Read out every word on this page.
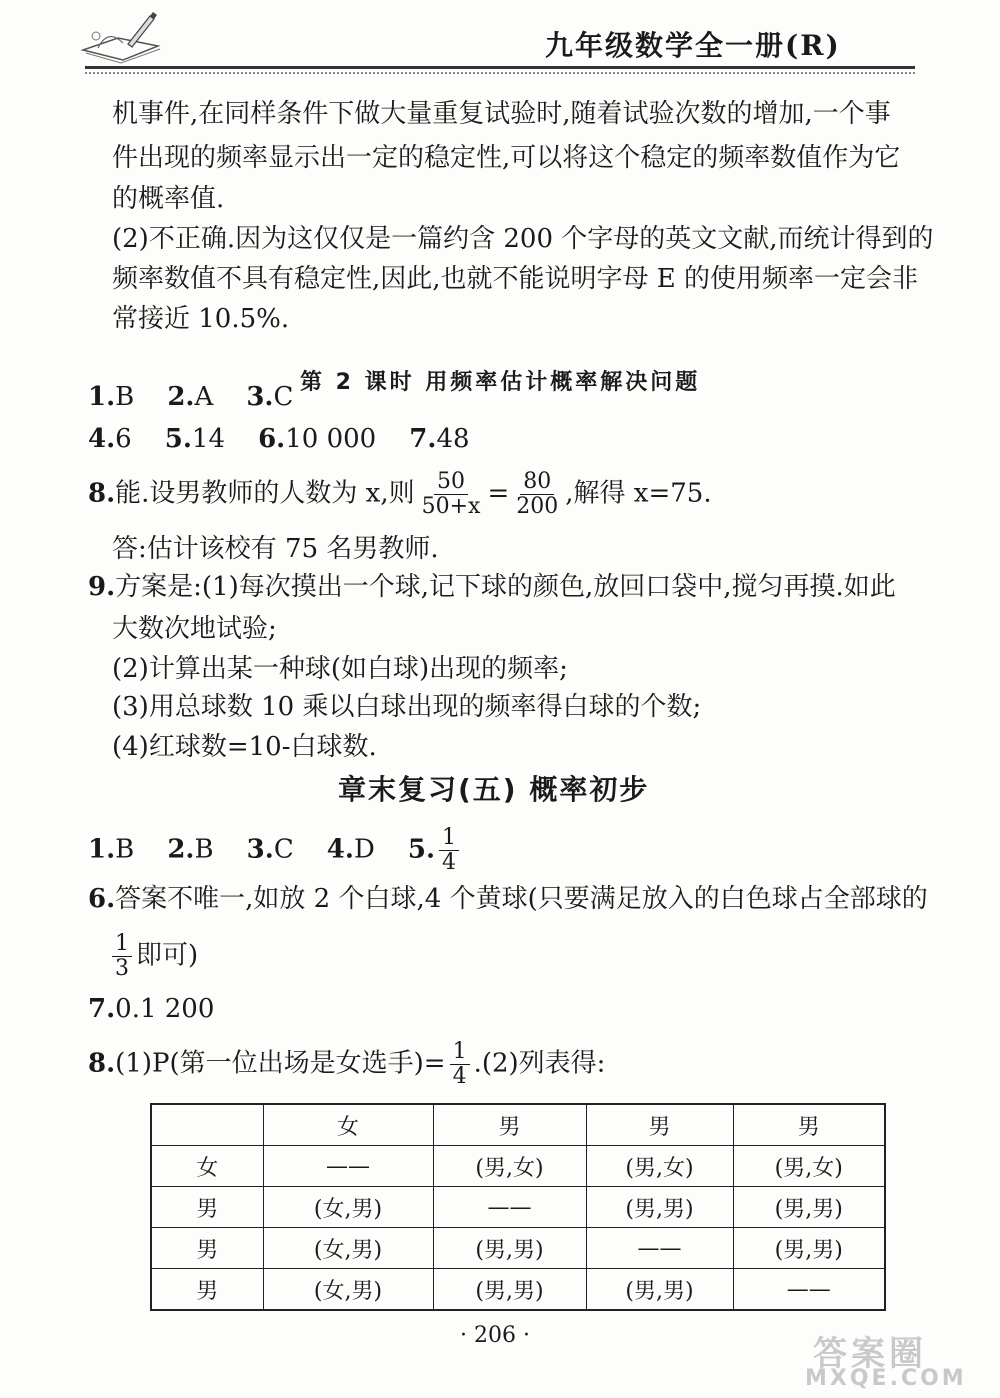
九年级数学全一册(R)
机事件,在同样条件下做大量重复试验时,随着试验次数的增加,一个事
件出现的频率显示出一定的稳定性,可以将这个稳定的频率数值作为它
的概率值.
(2)不正确.因为这仅仅是一篇约含 200 个字母的英文文献,而统计得到的
频率数值不具有稳定性,因此,也就不能说明字母 E 的使用频率一定会非
常接近 10.5%.
第 2 课时 用频率估计概率解决问题
1.B 2.A 3.C
4.6 5.14 6.10 000 7.48
8.能.设男教师的人数为 x,则 $\frac{50}{50+x} = \frac{80}{200}$ ,解得 x=75.
答:估计该校有 75 名男教师.
9.方案是:(1)每次摸出一个球,记下球的颜色,放回口袋中,搅匀再摸.如此
大数次地试验;
(2)计算出某一种球(如白球)出现的频率;
(3)用总球数 10 乘以白球出现的频率得白球的个数;
(4)红球数=10-白球数.
章末复习(五) 概率初步
1.B 2.B 3.C 4.D 5. $\frac{1}{4}$
6.答案不唯一,如放 2 个白球,4 个黄球(只要满足放入的白色球占全部球的
$\frac{1}{3}$ 即可)
7.0.1 200
8.(1)P(第一位出场是女选手)= $\frac{1}{4} .(2)$列表得:
	女	男	男	男
女	——	(男,女)	(男,女)	(男,女)
男	(女,男)	——	(男,男)	(男,男)
男	(女,男)	(男,男)	——	(男,男)
男	(女,男)	(男,男)	(男,男)	——
· 206 ·	答案圈
MXQE.COM
